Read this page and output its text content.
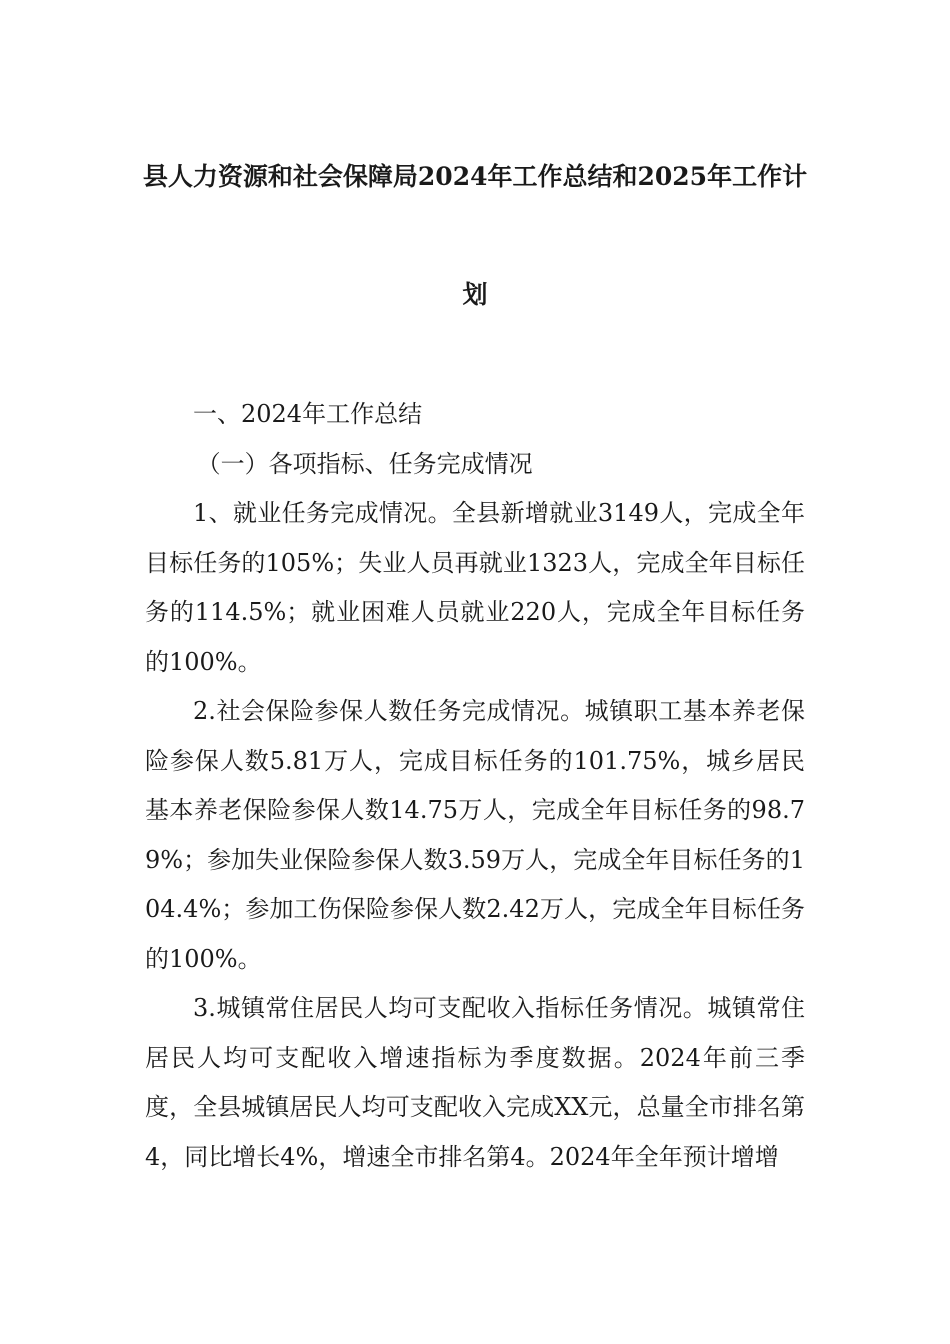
县人力资源和社会保障局2024年工作总结和2025年工作计
划

一、2024年工作总结

（一）各项指标、任务完成情况

1、就业任务完成情况。全县新增就业3149人，完成全年目标任务的105%；失业人员再就业1323人，完成全年目标任务的114.5%；就业困难人员就业220人，完成全年目标任务的100%。

2.社会保险参保人数任务完成情况。城镇职工基本养老保险参保人数5.81万人，完成目标任务的101.75%，城乡居民基本养老保险参保人数14.75万人，完成全年目标任务的98.79%；参加失业保险参保人数3.59万人，完成全年目标任务的104.4%；参加工伤保险参保人数2.42万人，完成全年目标任务的100%。

3.城镇常住居民人均可支配收入指标任务情况。城镇常住居民人均可支配收入增速指标为季度数据。2024年前三季度，全县城镇居民人均可支配收入完成XX元，总量全市排名第4，同比增长4%，增速全市排名第4。2024年全年预计增增
